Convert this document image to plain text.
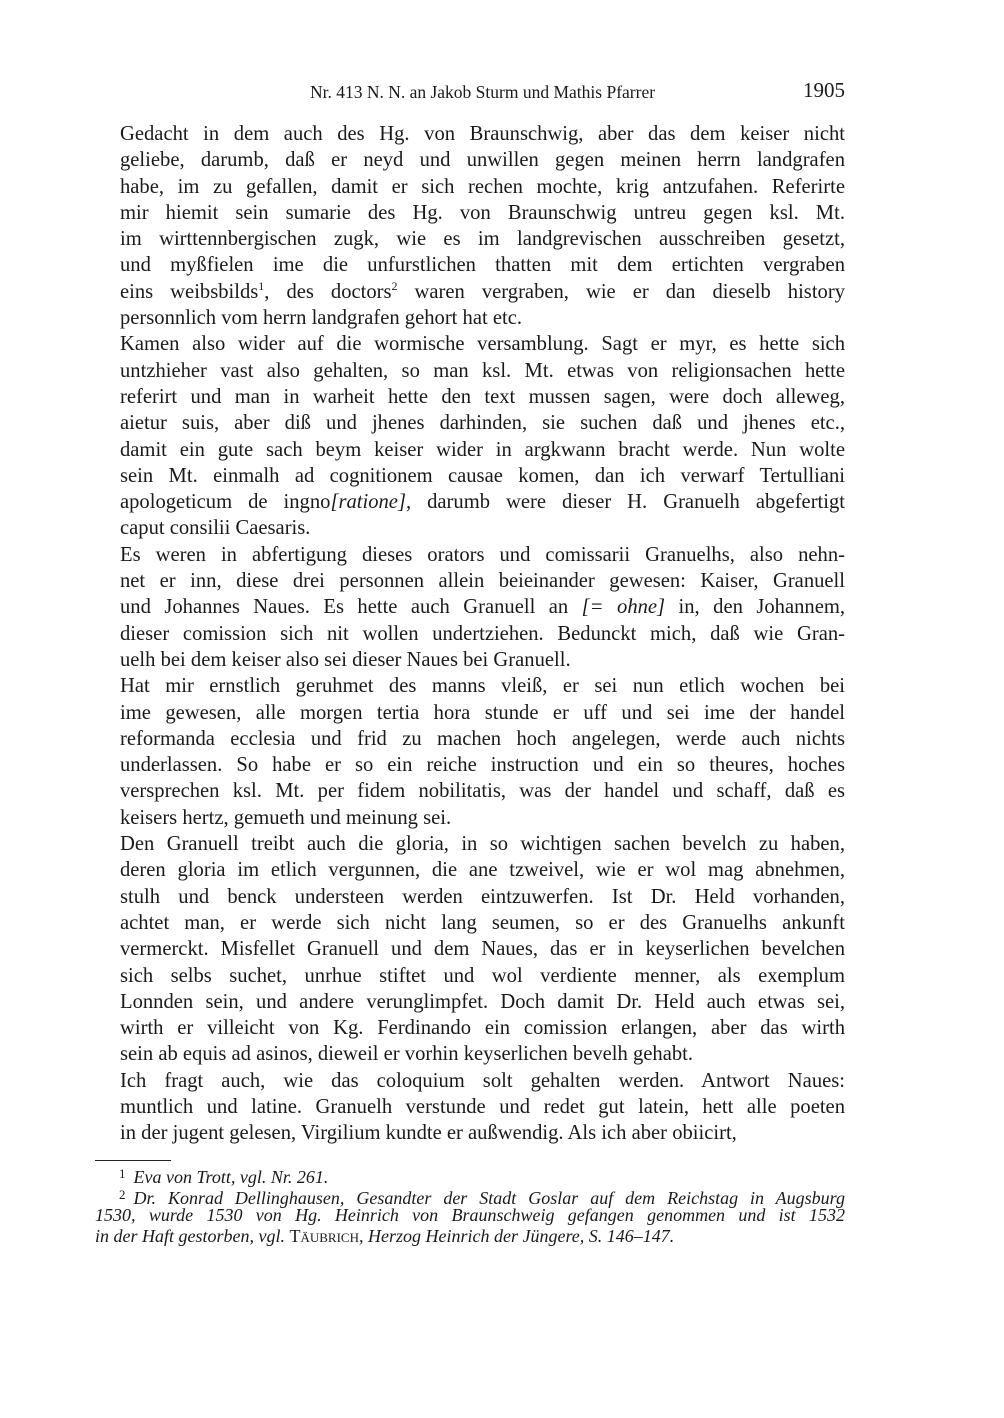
Nr. 413 N. N. an Jakob Sturm und Mathis Pfarrer	1905
Gedacht in dem auch des Hg. von Braunschwig, aber das dem keiser nicht
geliebe, darumb, daß er neyd und unwillen gegen meinen herrn landgrafen
habe, im zu gefallen, damit er sich rechen mochte, krig antzufahen. Referirte
mir hiemit sein sumarie des Hg. von Braunschwig untreu gegen ksl. Mt.
im wirttennbergischen zugk, wie es im landgrevischen ausschreiben gesetzt,
und myßfielen ime die unfurstlichen thatten mit dem ertichten vergraben
eins weibsbilds$^1$, des doctors$^2$ waren vergraben, wie er dan dieselb history
personnlich vom herrn landgrafen gehort hat etc.
Kamen also wider auf die wormische versamblung. Sagt er myr, es hette sich
untzhieher vast also gehalten, so man ksl. Mt. etwas von religionsachen hette
referirt und man in warheit hette den text mussen sagen, were doch alleweg,
aietur suis, aber diß und jhenes darhinden, sie suchen daß und jhenes etc.,
damit ein gute sach beym keiser wider in argkwann bracht werde. Nun wolte
sein Mt. einmalh ad cognitionem causae komen, dan ich verwarf Tertulliani
apologeticum de ingno[ratione], darumb were dieser H. Granuelh abgefertigt
caput consilii Caesaris.
Es weren in abfertigung dieses orators und comissarii Granuelhs, also nehn-
net er inn, diese drei personnen allein beieinander gewesen: Kaiser, Granuell
und Johannes Naues. Es hette auch Granuell an [= ohne] in, den Johannem,
dieser comission sich nit wollen undertziehen. Bedunckt mich, daß wie Gran-
uelh bei dem keiser also sei dieser Naues bei Granuell.
Hat mir ernstlich geruhmet des manns vleiß, er sei nun etlich wochen bei
ime gewesen, alle morgen tertia hora stunde er uff und sei ime der handel
reformanda ecclesia und frid zu machen hoch angelegen, werde auch nichts
underlassen. So habe er so ein reiche instruction und ein so theures, hoches
versprechen ksl. Mt. per fidem nobilitatis, was der handel und schaff, daß es
keisers hertz, gemueth und meinung sei.
Den Granuell treibt auch die gloria, in so wichtigen sachen bevelch zu haben,
deren gloria im etlich vergunnen, die ane tzweivel, wie er wol mag abnehmen,
stulh und benck understeen werden eintzuwerfen. Ist Dr. Held vorhanden,
achtet man, er werde sich nicht lang seumen, so er des Granuelhs ankunft
vermerckt. Misfellet Granuell und dem Naues, das er in keyserlichen bevelchen
sich selbs suchet, unrhue stiftet und wol verdiente menner, als exemplum
Lonnden sein, und andere verunglimpfet. Doch damit Dr. Held auch etwas sei,
wirth er villeicht von Kg. Ferdinando ein comission erlangen, aber das wirth
sein ab equis ad asinos, dieweil er vorhin keyserlichen bevelh gehabt.
Ich fragt auch, wie das coloquium solt gehalten werden. Antwort Naues:
muntlich und latine. Granuelh verstunde und redet gut latein, hett alle poeten
in der jugent gelesen, Virgilium kundte er außwendig. Als ich aber obiicirt,
$^1$ Eva von Trott, vgl. Nr. 261.
$^2$ Dr. Konrad Dellinghausen, Gesandter der Stadt Goslar auf dem Reichstag in Augsburg
1530, wurde 1530 von Hg. Heinrich von Braunschweig gefangen genommen und ist 1532
in der Haft gestorben, vgl. Täubrich, Herzog Heinrich der Jüngere, S. 146–147.
